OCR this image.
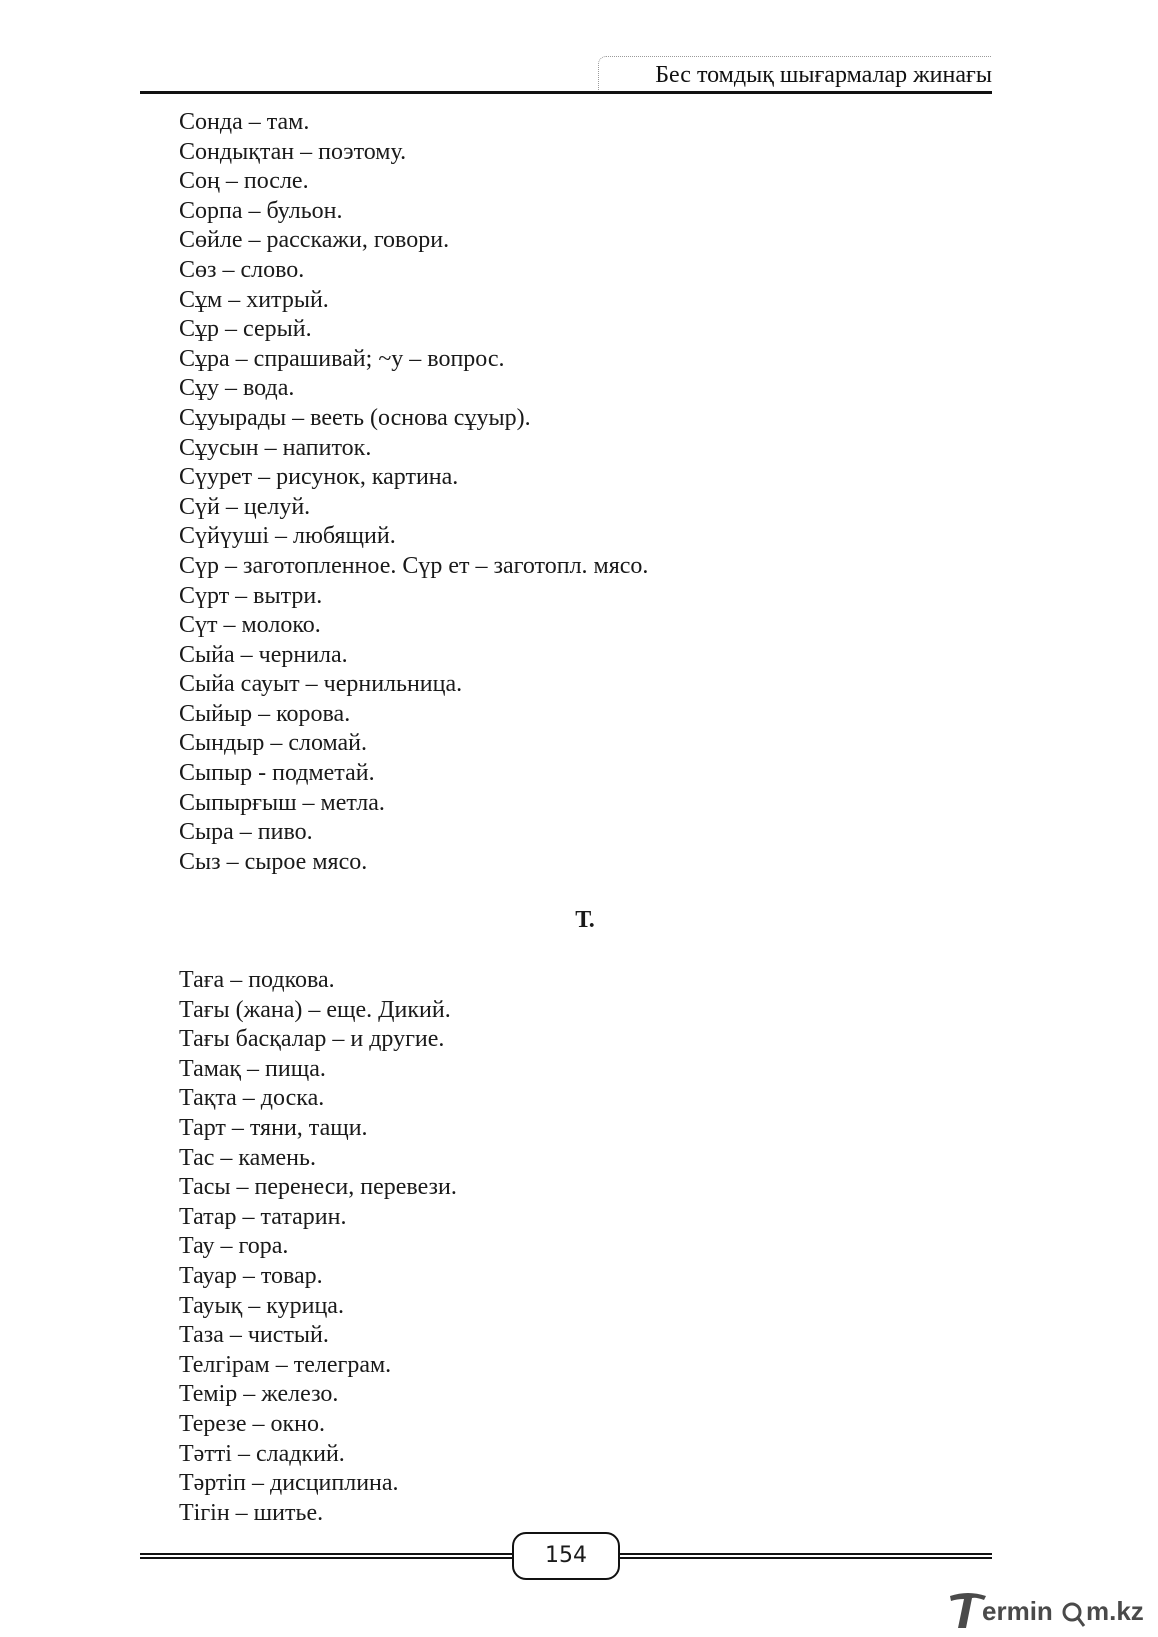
Бес томдық шығармалар жинағы
Сонда – там.
Сондықтан – поэтому.
Соң – после.
Сорпа – бульон.
Сөйле – расскажи, говори.
Сөз – слово.
Сұм – хитрый.
Сұр – серый.
Сұра – спрашивай; ~у – вопрос.
Сұу – вода.
Сұуырады – вееть (основа сұуыр).
Сұусын – напиток.
Сүурет – рисунок, картина.
Сүй – целуй.
Сүйүуші – любящий.
Сүр – заготопленное. Сүр ет – заготопл. мясо.
Сүрт – вытри.
Сүт – молоко.
Сыйа – чернила.
Сыйа сауыт – чернильница.
Сыйыр – корова.
Сындыр – сломай.
Сыпыр - подметай.
Сыпырғыш – метла.
Сыра – пиво.
Сыз – сырое мясо.
Т.
Таға – подкова.
Тағы (жана) – еще. Дикий.
Тағы басқалар – и другие.
Тамақ – пища.
Тақта – доска.
Тарт – тяни, тащи.
Тас – камень.
Тасы – перенеси, перевези.
Татар – татарин.
Тау – гора.
Тауар – товар.
Тауық – курица.
Таза – чистый.
Телгірам – телеграм.
Темір – железо.
Терезе – окно.
Тәтті – сладкий.
Тәртіп – дисциплина.
Тігін – шитье.
154
ermin m.kz
